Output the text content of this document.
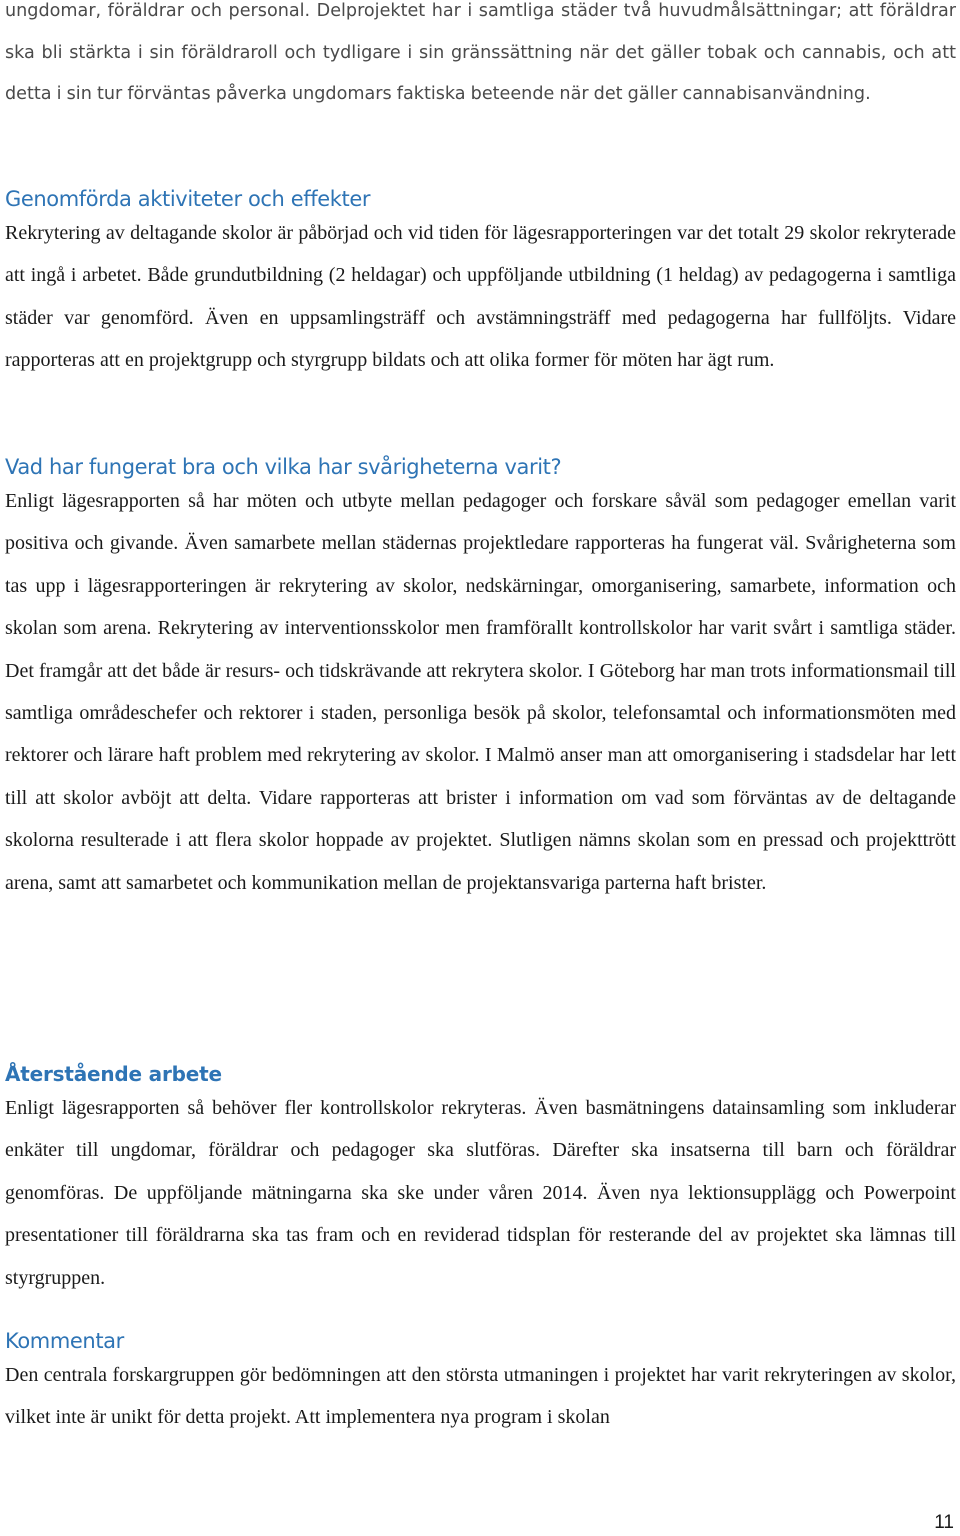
ungdomar, föräldrar och personal. Delprojektet har i samtliga städer två huvudmålsättningar; att föräldrar ska bli stärkta i sin föräldraroll och tydligare i sin gränssättning när det gäller tobak och cannabis, och att detta i sin tur förväntas påverka ungdomars faktiska beteende när det gäller cannabisanvändning.

Genomförda aktiviteter och effekter

Rekrytering av deltagande skolor är påbörjad och vid tiden för lägesrapporteringen var det totalt 29 skolor rekryterade att ingå i arbetet. Både grundutbildning (2 heldagar) och uppföljande utbildning (1 heldag) av pedagogerna i samtliga städer var genomförd. Även en uppsamlingsträff och avstämningsträff med pedagogerna har fullföljts. Vidare rapporteras att en projektgrupp och styrgrupp bildats och att olika former för möten har ägt rum.

Vad har fungerat bra och vilka har svårigheterna varit?

Enligt lägesrapporten så har möten och utbyte mellan pedagoger och forskare såväl som pedagoger emellan varit positiva och givande. Även samarbete mellan städernas projektledare rapporteras ha fungerat väl. Svårigheterna som tas upp i lägesrapporteringen är rekrytering av skolor, nedskärningar, omorganisering, samarbete, information och skolan som arena. Rekrytering av interventionsskolor men framförallt kontrollskolor har varit svårt i samtliga städer. Det framgår att det både är resurs- och tidskrävande att rekrytera skolor. I Göteborg har man trots informationsmail till samtliga områdeschefer och rektorer i staden, personliga besök på skolor, telefonsamtal och informationsmöten med rektorer och lärare haft problem med rekrytering av skolor. I Malmö anser man att omorganisering i stadsdelar har lett till att skolor avböjt att delta. Vidare rapporteras att brister i information om vad som förväntas av de deltagande skolorna resulterade i att flera skolor hoppade av projektet. Slutligen nämns skolan som en pressad och projekttrött arena, samt att samarbetet och kommunikation mellan de projektansvariga parterna haft brister.

Återstående arbete

Enligt lägesrapporten så behöver fler kontrollskolor rekryteras. Även basmätningens datainsamling som inkluderar enkäter till ungdomar, föräldrar och pedagoger ska slutföras. Därefter ska insatserna till barn och föräldrar genomföras. De uppföljande mätningarna ska ske under våren 2014. Även nya lektionsupplägg och Powerpoint presentationer till föräldrarna ska tas fram och en reviderad tidsplan för resterande del av projektet ska lämnas till styrgruppen.

Kommentar

Den centrala forskargruppen gör bedömningen att den största utmaningen i projektet har varit rekryteringen av skolor, vilket inte är unikt för detta projekt. Att implementera nya program i skolan

11
